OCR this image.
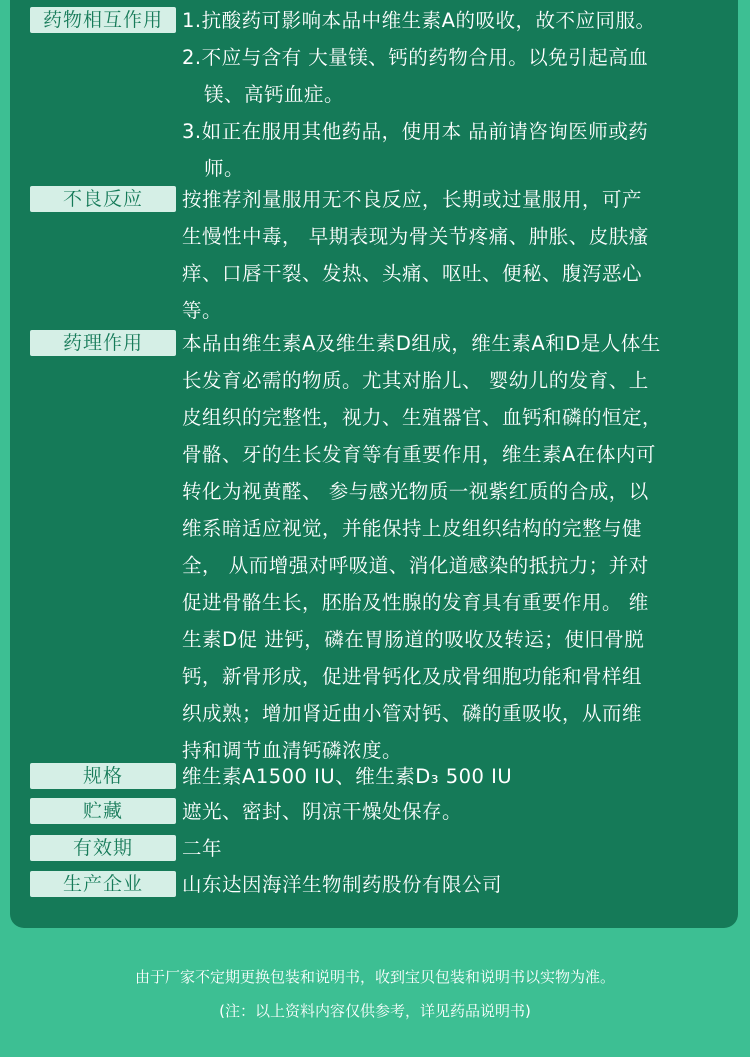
药物相互作用 1.抗酸药可影响本品中维生素A的吸收，故不应同服。

2.不应与含有 大量镁、钙的药物合用。以免引起高血

镁、高钙血症。

3.如正在服用其他药品，使用本 品前请咨询医师或药

师。

不良反应	按推荐剂量服用无不良反应，长期或过量服用，可产

生慢性中毒， 早期表现为骨关节疼痛、肿胀、皮肤瘙

痒、口唇干裂、发热、头痛、呕吐、便秘、腹泻恶心

等。

药理作用	本品由维生素A及维生素D组成，维生素A和D是人体生

长发育必需的物质。尤其对胎儿、 婴幼儿的发育、上

皮组织的完整性，视力、生殖器官、血钙和磷的恒定，

骨骼、牙的生长发育等有重要作用，维生素A在体内可

转化为视黄醛、 参与感光物质一视紫红质的合成，以

维系暗适应视觉，并能保持上皮组织结构的完整与健

全， 从而增强对呼吸道、消化道感染的抵抗力；并对

促进骨骼生长，胚胎及性腺的发育具有重要作用。 维

生素D促 进钙，磷在胃肠道的吸收及转运；使旧骨脱

钙，新骨形成，促进骨钙化及成骨细胞功能和骨样组

织成熟；增加肾近曲小管对钙、磷的重吸收，从而维

持和调节血清钙磷浓度。

规格	维生素A1500 IU、维生素D₃ 500 IU

贮藏	遮光、密封、阴凉干燥处保存。

有效期	二年

生产企业	山东达因海洋生物制药股份有限公司

由于厂家不定期更换包装和说明书，收到宝贝包装和说明书以实物为准。
(注：以上资料内容仅供参考，详见药品说明书)
